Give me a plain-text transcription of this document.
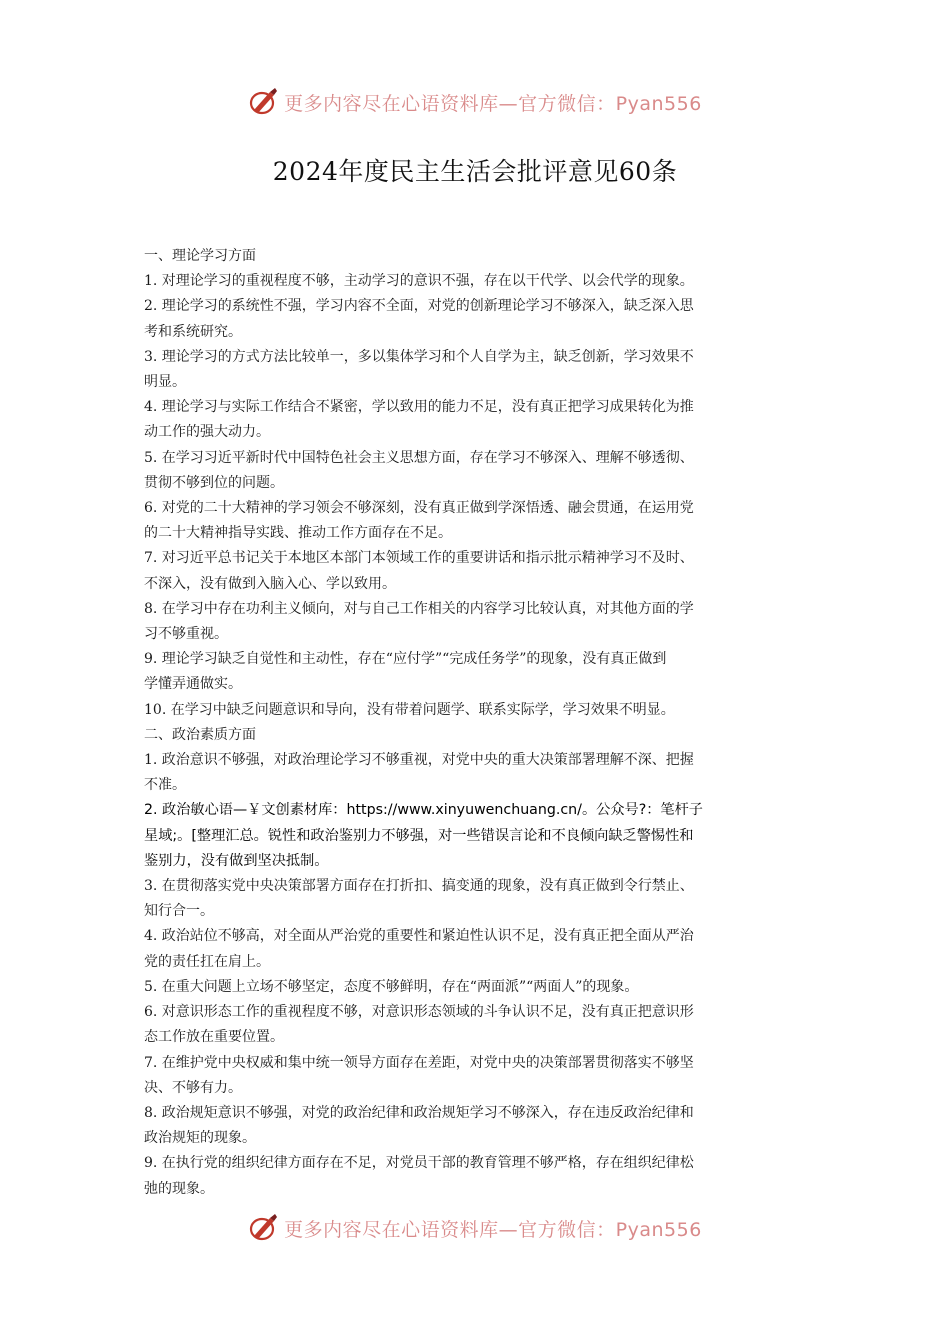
更多内容尽在心语资料库—官方微信：Pyan556
2024年度民主生活会批评意见60条

一、理论学习方面

1. 对理论学习的重视程度不够，主动学习的意识不强，存在以干代学、以会代学的现象。

2. 理论学习的系统性不强，学习内容不全面，对党的创新理论学习不够深入，缺乏深入思

考和系统研究。

3. 理论学习的方式方法比较单一，多以集体学习和个人自学为主，缺乏创新，学习效果不

明显。

4. 理论学习与实际工作结合不紧密，学以致用的能力不足，没有真正把学习成果转化为推

动工作的强大动力。

5. 在学习习近平新时代中国特色社会主义思想方面，存在学习不够深入、理解不够透彻、

贯彻不够到位的问题。

6. 对党的二十大精神的学习领会不够深刻，没有真正做到学深悟透、融会贯通，在运用党

的二十大精神指导实践、推动工作方面存在不足。

7. 对习近平总书记关于本地区本部门本领域工作的重要讲话和指示批示精神学习不及时、

不深入，没有做到入脑入心、学以致用。

8. 在学习中存在功利主义倾向，对与自己工作相关的内容学习比较认真，对其他方面的学

习不够重视。

9. 理论学习缺乏自觉性和主动性，存在“应付学”“完成任务学”的现象，没有真正做到

学懂弄通做实。

10. 在学习中缺乏问题意识和导向，没有带着问题学、联系实际学，学习效果不明显。

二、政治素质方面

1. 政治意识不够强，对政治理论学习不够重视，对党中央的重大决策部署理解不深、把握

不准。

2. 政治敏心语—￥文创素材库：https://www.xinyuwenchuang.cn/。公众号?：笔杆子

星域;。[整理汇总。锐性和政治鉴别力不够强，对一些错误言论和不良倾向缺乏警惕性和

鉴别力，没有做到坚决抵制。

3. 在贯彻落实党中央决策部署方面存在打折扣、搞变通的现象，没有真正做到令行禁止、

知行合一。

4. 政治站位不够高，对全面从严治党的重要性和紧迫性认识不足，没有真正把全面从严治

党的责任扛在肩上。

5. 在重大问题上立场不够坚定，态度不够鲜明，存在“两面派”“两面人”的现象。

6. 对意识形态工作的重视程度不够，对意识形态领域的斗争认识不足，没有真正把意识形

态工作放在重要位置。

7. 在维护党中央权威和集中统一领导方面存在差距，对党中央的决策部署贯彻落实不够坚

决、不够有力。

8. 政治规矩意识不够强，对党的政治纪律和政治规矩学习不够深入，存在违反政治纪律和

政治规矩的现象。

9. 在执行党的组织纪律方面存在不足，对党员干部的教育管理不够严格，存在组织纪律松

弛的现象。

更多内容尽在心语资料库—官方微信：Pyan556
